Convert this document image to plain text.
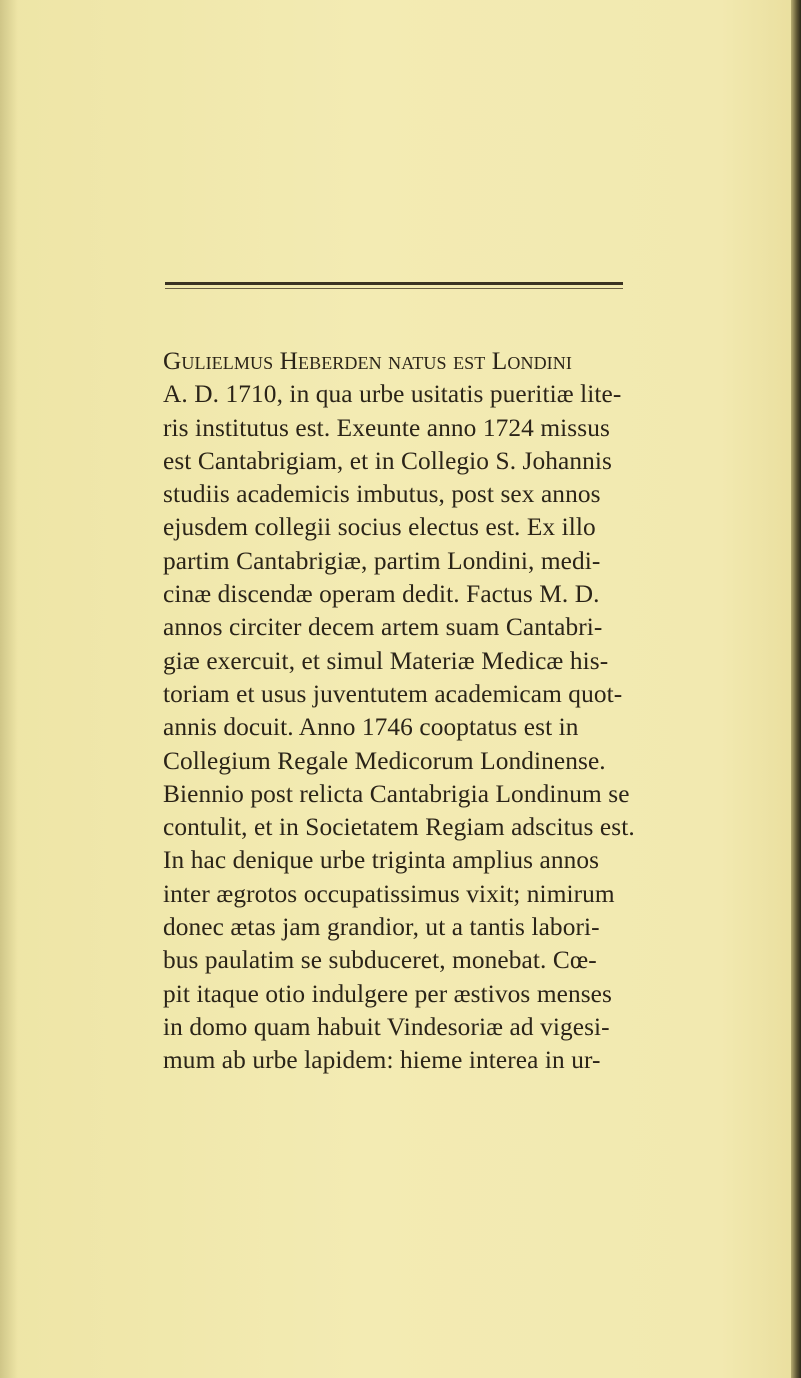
Gulielmus Heberden natus est Londini
A. D. 1710, in qua urbe usitatis pueritiæ lite-
ris institutus est. Exeunte anno 1724 missus
est Cantabrigiam, et in Collegio S. Johannis
studiis academicis imbutus, post sex annos
ejusdem collegii socius electus est. Ex illo
partim Cantabrigiæ, partim Londini, medi-
cinæ discendæ operam dedit. Factus M. D.
annos circiter decem artem suam Cantabri-
giæ exercuit, et simul Materiæ Medicæ his-
toriam et usus juventutem academicam quot-
annis docuit. Anno 1746 cooptatus est in
Collegium Regale Medicorum Londinense.
Biennio post relicta Cantabrigia Londinum se
contulit, et in Societatem Regiam adscitus est.
In hac denique urbe triginta amplius annos
inter ægrotos occupatissimus vixit; nimirum
donec ætas jam grandior, ut a tantis labori-
bus paulatim se subduceret, monebat. Cœ-
pit itaque otio indulgere per æstivos menses
in domo quam habuit Vindesoriæ ad vigesi-
mum ab urbe lapidem: hieme interea in ur-
